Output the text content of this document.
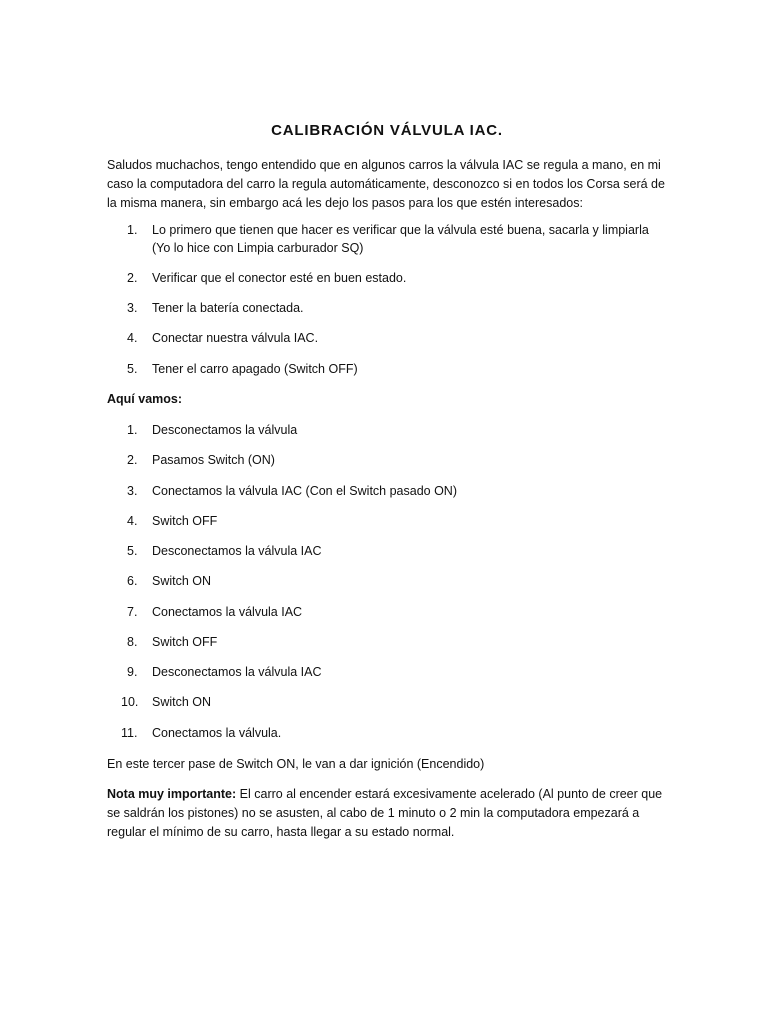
CALIBRACIÓN VÁLVULA IAC.

Saludos muchachos, tengo entendido que en algunos carros la válvula IAC se regula a mano, en mi caso la computadora del carro la regula automáticamente, desconozco si en todos los Corsa será de la misma manera, sin embargo acá les dejo los pasos para los que estén interesados:

1.	Lo primero que tienen que hacer es verificar que la válvula esté buena, sacarla y limpiarla (Yo lo hice con Limpia carburador SQ)
2.	Verificar que el conector esté en buen estado.
3.	Tener la batería conectada.
4.	Conectar nuestra válvula IAC.
5.	Tener el carro apagado (Switch OFF)
Aquí vamos:
1.	Desconectamos la válvula
2.	Pasamos Switch (ON)
3.	Conectamos la válvula IAC (Con el Switch pasado ON)
4.	Switch OFF
5.	Desconectamos la válvula IAC
6.	Switch ON
7.	Conectamos la válvula IAC
8.	Switch OFF
9.	Desconectamos la válvula IAC
10.	Switch ON
11.	Conectamos la válvula.

En este tercer pase de Switch ON, le van a dar ignición (Encendido)

Nota muy importante: El carro al encender estará excesivamente acelerado (Al punto de creer que se saldrán los pistones) no se asusten, al cabo de 1 minuto o 2 min la computadora empezará a regular el mínimo de su carro, hasta llegar a su estado normal.
